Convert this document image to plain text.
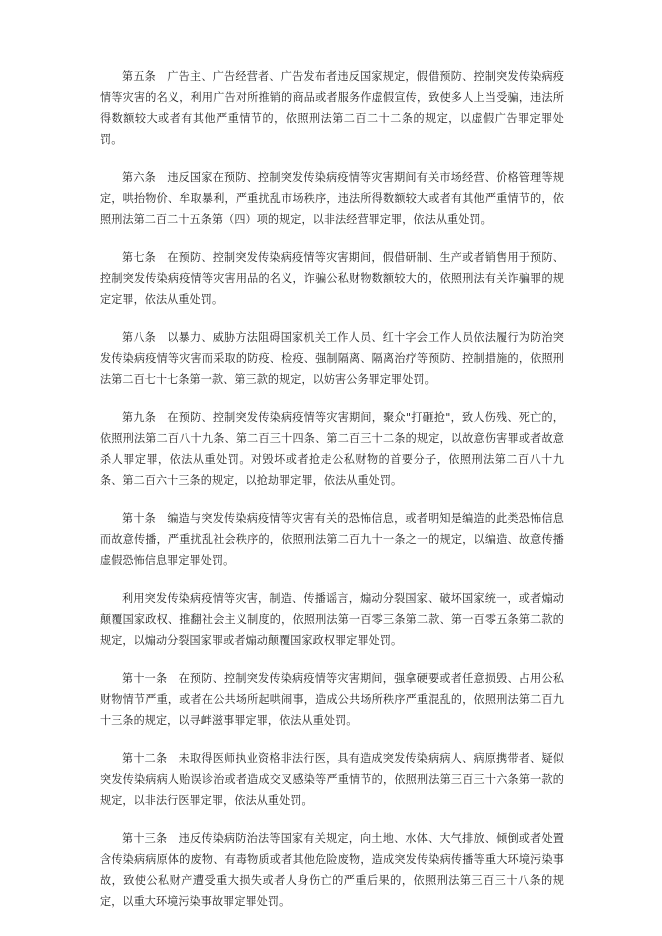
第五条　广告主、广告经营者、广告发布者违反国家规定，假借预防、控制突发传染病疫情等灾害的名义，利用广告对所推销的商品或者服务作虚假宣传，致使多人上当受骗，违法所得数额较大或者有其他严重情节的，依照刑法第二百二十二条的规定，以虚假广告罪定罪处罚。

第六条　违反国家在预防、控制突发传染病疫情等灾害期间有关市场经营、价格管理等规定，哄抬物价、牟取暴利，严重扰乱市场秩序，违法所得数额较大或者有其他严重情节的，依照刑法第二百二十五条第（四）项的规定，以非法经营罪定罪，依法从重处罚。

第七条　在预防、控制突发传染病疫情等灾害期间，假借研制、生产或者销售用于预防、控制突发传染病疫情等灾害用品的名义，诈骗公私财物数额较大的，依照刑法有关诈骗罪的规定定罪，依法从重处罚。

第八条　以暴力、威胁方法阻碍国家机关工作人员、红十字会工作人员依法履行为防治突发传染病疫情等灾害而采取的防疫、检疫、强制隔离、隔离治疗等预防、控制措施的，依照刑法第二百七十七条第一款、第三款的规定，以妨害公务罪定罪处罚。

第九条　在预防、控制突发传染病疫情等灾害期间，聚众"打砸抢"，致人伤残、死亡的，依照刑法第二百八十九条、第二百三十四条、第二百三十二条的规定，以故意伤害罪或者故意杀人罪定罪，依法从重处罚。对毁坏或者抢走公私财物的首要分子，依照刑法第二百八十九条、第二百六十三条的规定，以抢劫罪定罪，依法从重处罚。

第十条　编造与突发传染病疫情等灾害有关的恐怖信息，或者明知是编造的此类恐怖信息而故意传播，严重扰乱社会秩序的，依照刑法第二百九十一条之一的规定，以编造、故意传播虚假恐怖信息罪定罪处罚。

利用突发传染病疫情等灾害，制造、传播谣言，煽动分裂国家、破坏国家统一，或者煽动颠覆国家政权、推翻社会主义制度的，依照刑法第一百零三条第二款、第一百零五条第二款的规定，以煽动分裂国家罪或者煽动颠覆国家政权罪定罪处罚。

第十一条　在预防、控制突发传染病疫情等灾害期间，强拿硬要或者任意损毁、占用公私财物情节严重，或者在公共场所起哄闹事，造成公共场所秩序严重混乱的，依照刑法第二百九十三条的规定，以寻衅滋事罪定罪，依法从重处罚。

第十二条　未取得医师执业资格非法行医，具有造成突发传染病病人、病原携带者、疑似突发传染病病人贻误诊治或者造成交叉感染等严重情节的，依照刑法第三百三十六条第一款的规定，以非法行医罪定罪，依法从重处罚。

第十三条　违反传染病防治法等国家有关规定，向土地、水体、大气排放、倾倒或者处置含传染病病原体的废物、有毒物质或者其他危险废物，造成突发传染病传播等重大环境污染事故，致使公私财产遭受重大损失或者人身伤亡的严重后果的，依照刑法第三百三十八条的规定，以重大环境污染事故罪定罪处罚。
